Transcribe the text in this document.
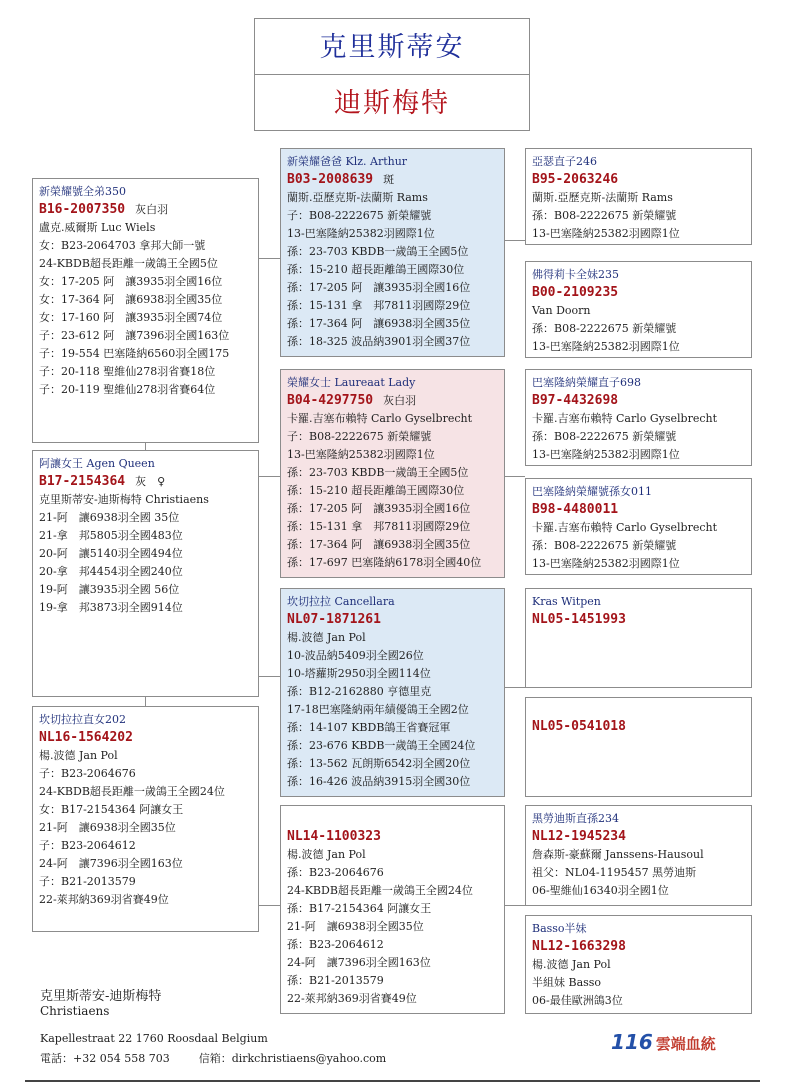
克里斯蒂安
迪斯梅特
新榮耀號全弟350
B16-2007350 灰白羽
盧克.威爾斯 Luc Wiels
女：B23-2064703 拿邦大師一號
24-KBDB超長距離一歲鴿王全國5位
女：17-205 阿　讓3935羽全國16位
女：17-364 阿　讓6938羽全國35位
女：17-160 阿　讓3935羽全國74位
子：23-612 阿　讓7396羽全國163位
子：19-554 巴塞隆納6560羽全國175
子：20-118 聖維仙278羽省賽18位
子：20-119 聖維仙278羽省賽64位
阿讓女王 Agen Queen
B17-2154364 灰　♀
克里斯蒂安-迪斯梅特 Christiaens
21-阿　讓6938羽全國 35位
21-拿　邦5805羽全國483位
20-阿　讓5140羽全國494位
20-拿　邦4454羽全國240位
19-阿　讓3935羽全國 56位
19-拿　邦3873羽全國914位
坎切拉拉直女202
NL16-1564202
楊.波德 Jan Pol
子：B23-2064676
24-KBDB超長距離一歲鴿王全國24位
女：B17-2154364 阿讓女王
21-阿　讓6938羽全國35位
子：B23-2064612
24-阿　讓7396羽全國163位
子：B21-2013579
22-萊邦納369羽省賽49位
新榮耀爸爸 Klz. Arthur
B03-2008639 斑
蘭斯.亞歷克斯-法蘭斯 Rams
子：B08-2222675 新榮耀號
13-巴塞隆納25382羽國際1位
孫：23-703 KBDB一歲鴿王全國5位
孫：15-210 超長距離鴿王國際30位
孫：17-205 阿　讓3935羽全國16位
孫：15-131 拿　邦7811羽國際29位
孫：17-364 阿　讓6938羽全國35位
孫：18-325 波品納3901羽全國37位
榮耀女士 Laureaat Lady
B04-4297750 灰白羽
卡羅.吉塞布賴特 Carlo Gyselbrecht
子：B08-2222675 新榮耀號
13-巴塞隆納25382羽國際1位
孫：23-703 KBDB一歲鴿王全國5位
孫：15-210 超長距離鴿王國際30位
孫：17-205 阿　讓3935羽全國16位
孫：15-131 拿　邦7811羽國際29位
孫：17-364 阿　讓6938羽全國35位
孫：17-697 巴塞隆納6178羽全國40位
坎切拉拉 Cancellara
NL07-1871261
楊.波德 Jan Pol
10-波品納5409羽全國26位
10-塔蘿斯2950羽全國114位
孫：B12-2162880 亨德里克
17-18巴塞隆納兩年績優鴿王全國2位
孫：14-107 KBDB鴿王省賽冠軍
孫：23-676 KBDB一歲鴿王全國24位
孫：13-562 瓦朗斯6542羽全國20位
孫：16-426 波品納3915羽全國30位
NL14-1100323
楊.波德 Jan Pol
孫：B23-2064676
24-KBDB超長距離一歲鴿王全國24位
孫：B17-2154364 阿讓女王
21-阿　讓6938羽全國35位
孫：B23-2064612
24-阿　讓7396羽全國163位
孫：B21-2013579
22-萊邦納369羽省賽49位
亞瑟直子246
B95-2063246
蘭斯.亞歷克斯-法蘭斯 Rams
孫：B08-2222675 新榮耀號
13-巴塞隆納25382羽國際1位
佛得莉卡全妹235
B00-2109235
Van Doorn
孫：B08-2222675 新榮耀號
13-巴塞隆納25382羽國際1位
巴塞隆納榮耀直子698
B97-4432698
卡羅.吉塞布賴特 Carlo Gyselbrecht
孫：B08-2222675 新榮耀號
13-巴塞隆納25382羽國際1位
巴塞隆納榮耀號孫女011
B98-4480011
卡羅.吉塞布賴特 Carlo Gyselbrecht
孫：B08-2222675 新榮耀號
13-巴塞隆納25382羽國際1位
Kras Witpen
NL05-1451993
NL05-0541018
黑勞迪斯直孫234
NL12-1945234
詹森斯-豪蘇爾 Janssens-Hausoul
祖父：NL04-1195457 黑勞迪斯
06-聖維仙16340羽全國1位
Basso半妹
NL12-1663298
楊.波德 Jan Pol
半組妹 Basso
06-最佳歐洲鴿3位
克里斯蒂安-迪斯梅特
Christiaens
Kapellestraat 22 1760 Roosdaal Belgium
電話：+32 054 558 703	信箱：dirkchristiaens@yahoo.com
116 雲端血統
